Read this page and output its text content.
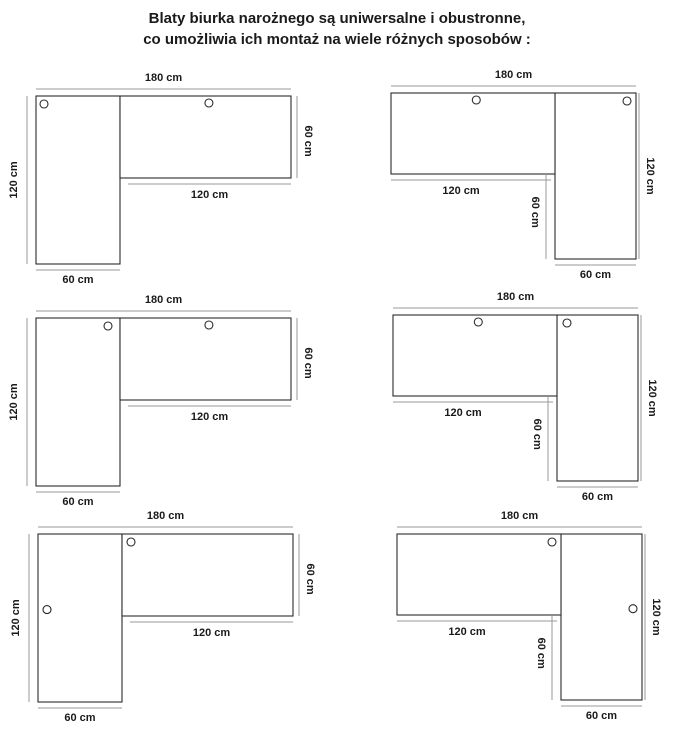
Blaty biurka narożnego są uniwersalne i obustronne,
co umożliwia ich montaż na wiele różnych sposobów :
180 cm
120 cm
60 cm
120 cm
60 cm
180 cm
120 cm
60 cm
120 cm
60 cm
180 cm
120 cm
60 cm
120 cm
60 cm
180 cm
120 cm
60 cm
120 cm
60 cm
180 cm
120 cm
60 cm
120 cm
60 cm
180 cm
120 cm
60 cm
120 cm
60 cm
